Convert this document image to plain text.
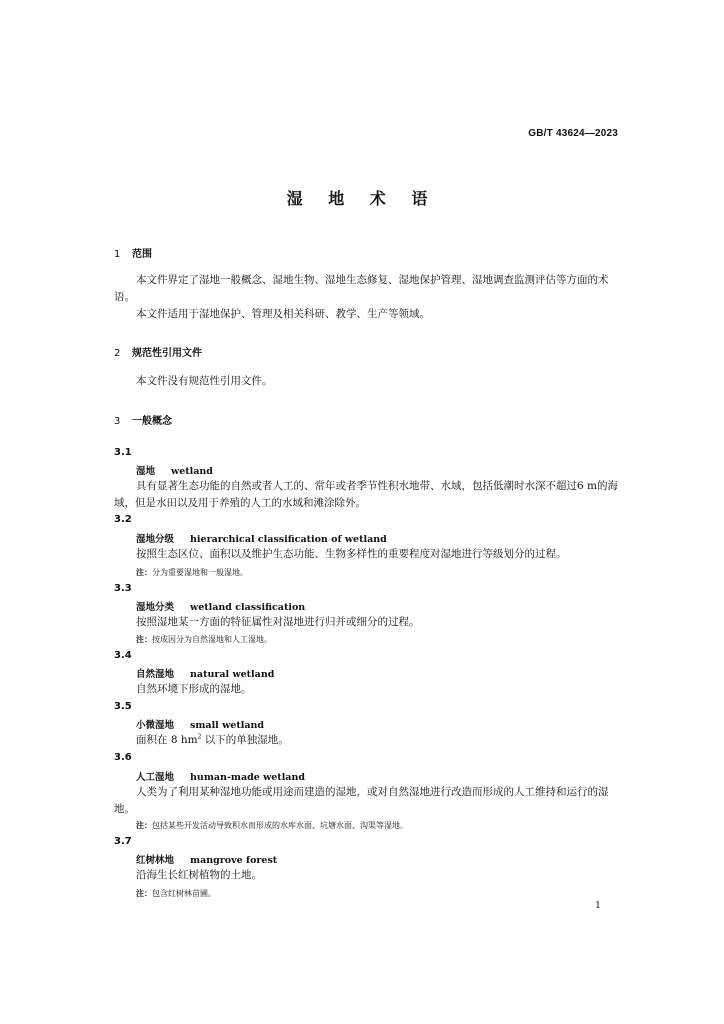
GB/T 43624—2023
湿 地 术 语
1 范围
本文件界定了湿地一般概念、湿地生物、湿地生态修复、湿地保护管理、湿地调查监测评估等方面的术语。
本文件适用于湿地保护、管理及相关科研、教学、生产等领域。
2 规范性引用文件
本文件没有规范性引用文件。
3 一般概念
3.1
湿地 wetland
具有显著生态功能的自然或者人工的、常年或者季节性积水地带、水域，包括低潮时水深不超过6 m的海域，但是水田以及用于养殖的人工的水域和滩涂除外。
3.2
湿地分级 hierarchical classification of wetland
按照生态区位、面积以及维护生态功能、生物多样性的重要程度对湿地进行等级划分的过程。
注：分为重要湿地和一般湿地。
3.3
湿地分类 wetland classification
按照湿地某一方面的特征属性对湿地进行归并或细分的过程。
注：按成因分为自然湿地和人工湿地。
3.4
自然湿地 natural wetland
自然环境下形成的湿地。
3.5
小微湿地 small wetland
面积在 8 $hm^2$ 以下的单独湿地。
3.6
人工湿地 human-made wetland
人类为了利用某种湿地功能或用途而建造的湿地，或对自然湿地进行改造而形成的人工维持和运行的湿地。
注：包括某些开发活动导致积水而形成的水库水面、坑塘水面、沟渠等湿地。
3.7
红树林地 mangrove forest
沿海生长红树植物的土地。
注：包含红树林苗圃。
1
